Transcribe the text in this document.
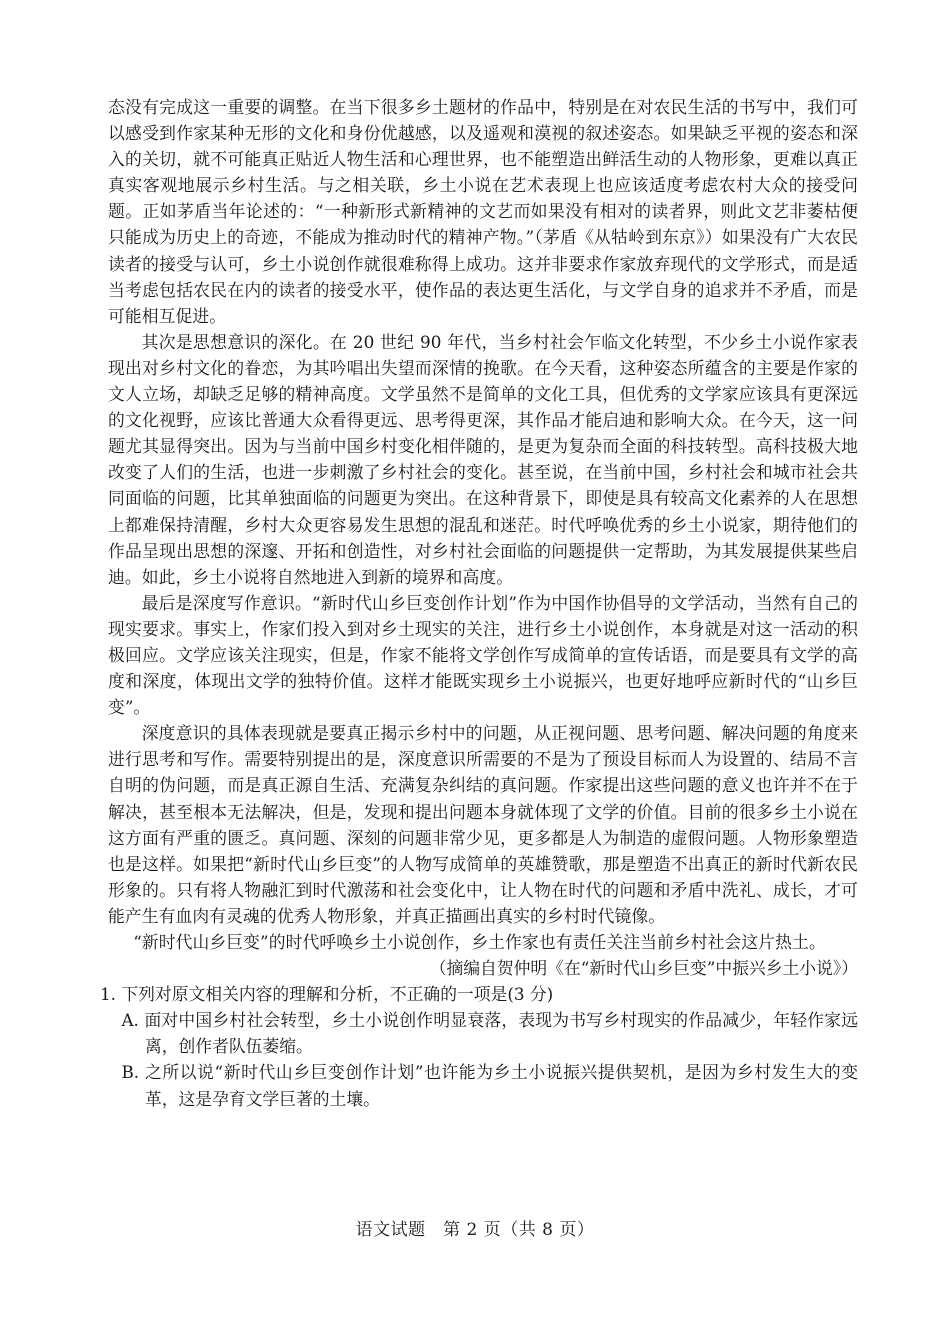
态没有完成这一重要的调整。在当下很多乡土题材的作品中，特别是在对农民生活的书写中，我们可以感受到作家某种无形的文化和身份优越感，以及遥观和漠视的叙述姿态。如果缺乏平视的姿态和深入的关切，就不可能真正贴近人物生活和心理世界，也不能塑造出鲜活生动的人物形象，更难以真正真实客观地展示乡村生活。与之相关联，乡土小说在艺术表现上也应该适度考虑农村大众的接受问题。正如茅盾当年论述的：“一种新形式新精神的文艺而如果没有相对的读者界，则此文艺非萎枯便只能成为历史上的奇迹，不能成为推动时代的精神产物。”（茅盾《从牯岭到东京》）如果没有广大农民读者的接受与认可，乡土小说创作就很难称得上成功。这并非要求作家放弃现代的文学形式，而是适当考虑包括农民在内的读者的接受水平，使作品的表达更生活化，与文学自身的追求并不矛盾，而是可能相互促进。

其次是思想意识的深化。在 20 世纪 90 年代，当乡村社会乍临文化转型，不少乡土小说作家表现出对乡村文化的眷恋，为其吟唱出失望而深情的挽歌。在今天看，这种姿态所蕴含的主要是作家的文人立场，却缺乏足够的精神高度。文学虽然不是简单的文化工具，但优秀的文学家应该具有更深远的文化视野，应该比普通大众看得更远、思考得更深，其作品才能启迪和影响大众。在今天，这一问题尤其显得突出。因为与当前中国乡村变化相伴随的，是更为复杂而全面的科技转型。高科技极大地改变了人们的生活，也进一步刺激了乡村社会的变化。甚至说，在当前中国，乡村社会和城市社会共同面临的问题，比其单独面临的问题更为突出。在这种背景下，即使是具有较高文化素养的人在思想上都难保持清醒，乡村大众更容易发生思想的混乱和迷茫。时代呼唤优秀的乡土小说家，期待他们的作品呈现出思想的深邃、开拓和创造性，对乡村社会面临的问题提供一定帮助，为其发展提供某些启迪。如此，乡土小说将自然地进入到新的境界和高度。

最后是深度写作意识。“新时代山乡巨变创作计划”作为中国作协倡导的文学活动，当然有自己的现实要求。事实上，作家们投入到对乡土现实的关注，进行乡土小说创作，本身就是对这一活动的积极回应。文学应该关注现实，但是，作家不能将文学创作写成简单的宣传话语，而是要具有文学的高度和深度，体现出文学的独特价值。这样才能既实现乡土小说振兴，也更好地呼应新时代的“山乡巨变”。

深度意识的具体表现就是要真正揭示乡村中的问题，从正视问题、思考问题、解决问题的角度来进行思考和写作。需要特别提出的是，深度意识所需要的不是为了预设目标而人为设置的、结局不言自明的伪问题，而是真正源自生活、充满复杂纠结的真问题。作家提出这些问题的意义也许并不在于解决，甚至根本无法解决，但是，发现和提出问题本身就体现了文学的价值。目前的很多乡土小说在这方面有严重的匮乏。真问题、深刻的问题非常少见，更多都是人为制造的虚假问题。人物形象塑造也是这样。如果把“新时代山乡巨变”的人物写成简单的英雄赞歌，那是塑造不出真正的新时代新农民形象的。只有将人物融汇到时代激荡和社会变化中，让人物在时代的问题和矛盾中洗礼、成长，才可能产生有血肉有灵魂的优秀人物形象，并真正描画出真实的乡村时代镜像。

“新时代山乡巨变”的时代呼唤乡土小说创作，乡土作家也有责任关注当前乡村社会这片热土。

（摘编自贺仲明《在“新时代山乡巨变”中振兴乡土小说》）

1. 下列对原文相关内容的理解和分析，不正确的一项是(3 分)

A. 面对中国乡村社会转型，乡土小说创作明显衰落，表现为书写乡村现实的作品减少，年轻作家远离，创作者队伍萎缩。

B. 之所以说“新时代山乡巨变创作计划”也许能为乡土小说振兴提供契机，是因为乡村发生大的变革，这是孕育文学巨著的土壤。

语文试题　第 2 页（共 8 页）
